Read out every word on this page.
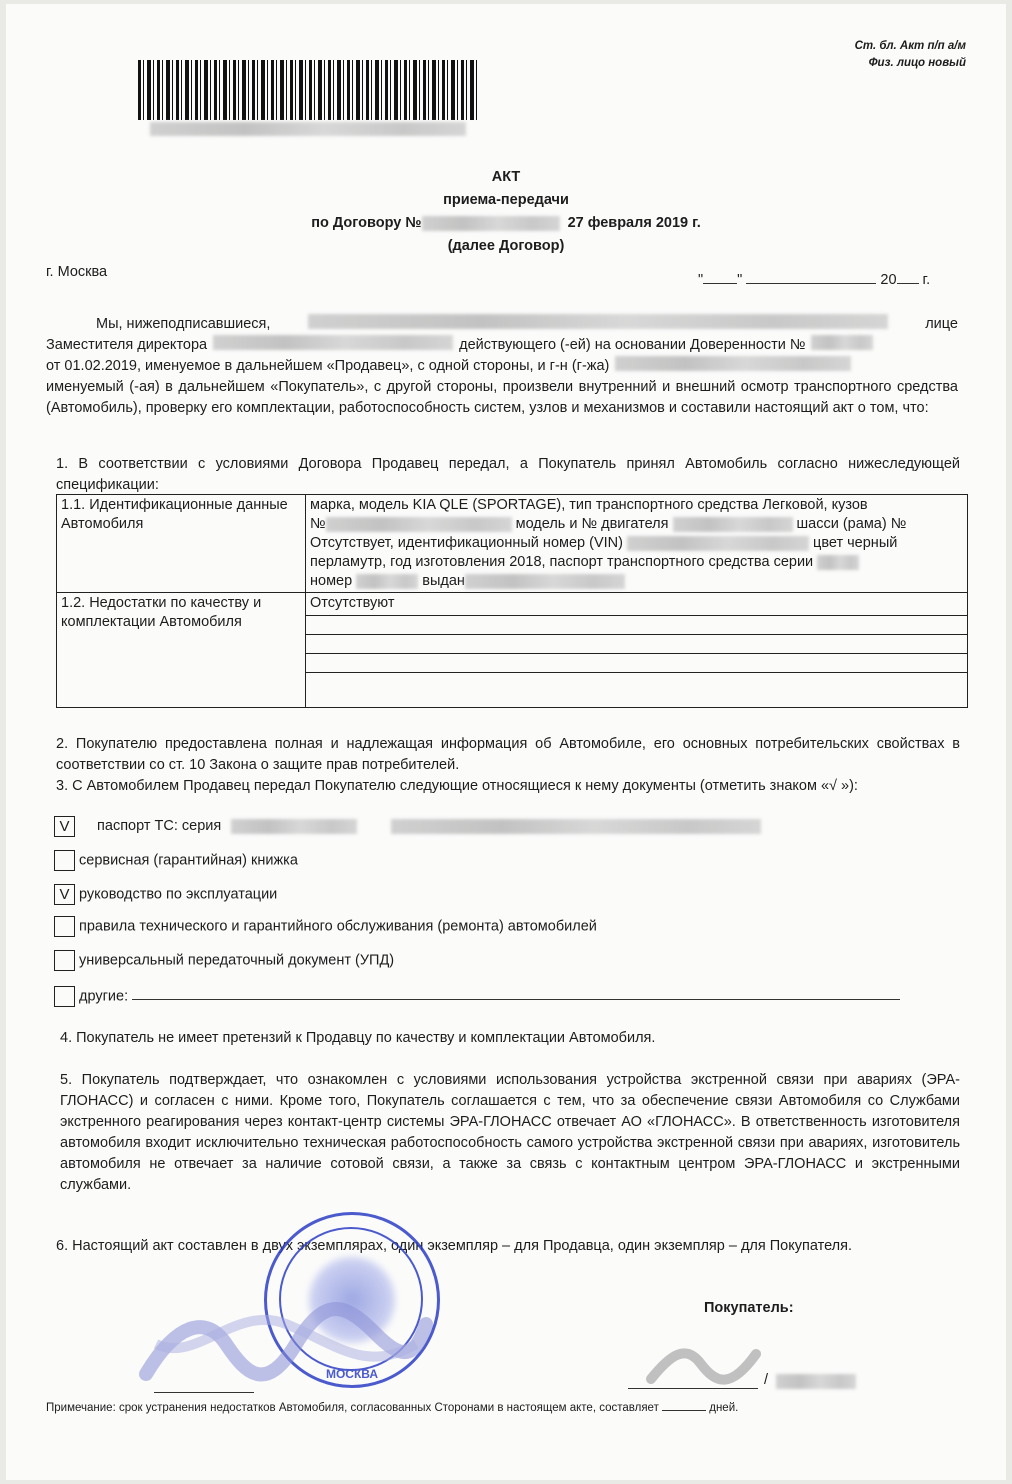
Ст. бл. Акт п/п а/м
Физ. лицо новый
АКТ
приема-передачи
по Договору №	27 февраля 2019 г.
(далее Договор)
г. Москва	" "	20 г.
Мы, нижеподписавшиеся,	лице
Заместителя директора	действующего (-ей) на основании Доверенности №
от 01.02.2019, именуемое в дальнейшем «Продавец», с одной стороны, и г-н (г-жа)
именуемый (-ая) в дальнейшем «Покупатель», с другой стороны, произвели внутренний и внешний осмотр транспортного средства (Автомобиль), проверку его комплектации, работоспособность систем, узлов и механизмов и составили настоящий акт о том, что:
1. В соответствии с условиями Договора Продавец передал, а Покупатель принял Автомобиль согласно нижеследующей спецификации:
1.1. Идентификационные данные Автомобиля	марка, модель KIA QLE (SPORTAGE), тип транспортного средства Легковой, кузов
№ модель и № двигателя шасси (рама) №
Отсутствует, идентификационный номер (VIN) цвет черный
перламутр, год изготовления 2018, паспорт транспортного средства серии
номер выдан

1.2. Недостатки по качеству и комплектации Автомобиля	Отсутствуют
2. Покупателю предоставлена полная и надлежащая информация об Автомобиле, его основных потребительских свойствах в соответствии со ст. 10 Закона о защите прав потребителей.
3. С Автомобилем Продавец передал Покупателю следующие относящиеся к нему документы (отметить знаком «√ »):
V паспорт ТС: серия
сервисная (гарантийная) книжка
V руководство по эксплуатации
правила технического и гарантийного обслуживания (ремонта) автомобилей
универсальный передаточный документ (УПД)
другие:
4. Покупатель не имеет претензий к Продавцу по качеству и комплектации Автомобиля.
5. Покупатель подтверждает, что ознакомлен с условиями использования устройства экстренной связи при авариях (ЭРА-ГЛОНАСС) и согласен с ними. Кроме того, Покупатель соглашается с тем, что за обеспечение связи Автомобиля со Службами экстренного реагирования через контакт-центр системы ЭРА-ГЛОНАСС отвечает АО «ГЛОНАСС». В ответственность изготовителя автомобиля входит исключительно техническая работоспособность самого устройства экстренной связи при авариях, изготовитель автомобиля не отвечает за наличие сотовой связи, а также за связь с контактным центром ЭРА-ГЛОНАСС и экстренными службами.
6. Настоящий акт составлен в двух экземплярах, один экземпляр – для Продавца, один экземпляр – для Покупателя.
МОСКВА
Покупатель:
/
Примечание: срок устранения недостатков Автомобиля, согласованных Сторонами в настоящем акте, составляет	дней.
